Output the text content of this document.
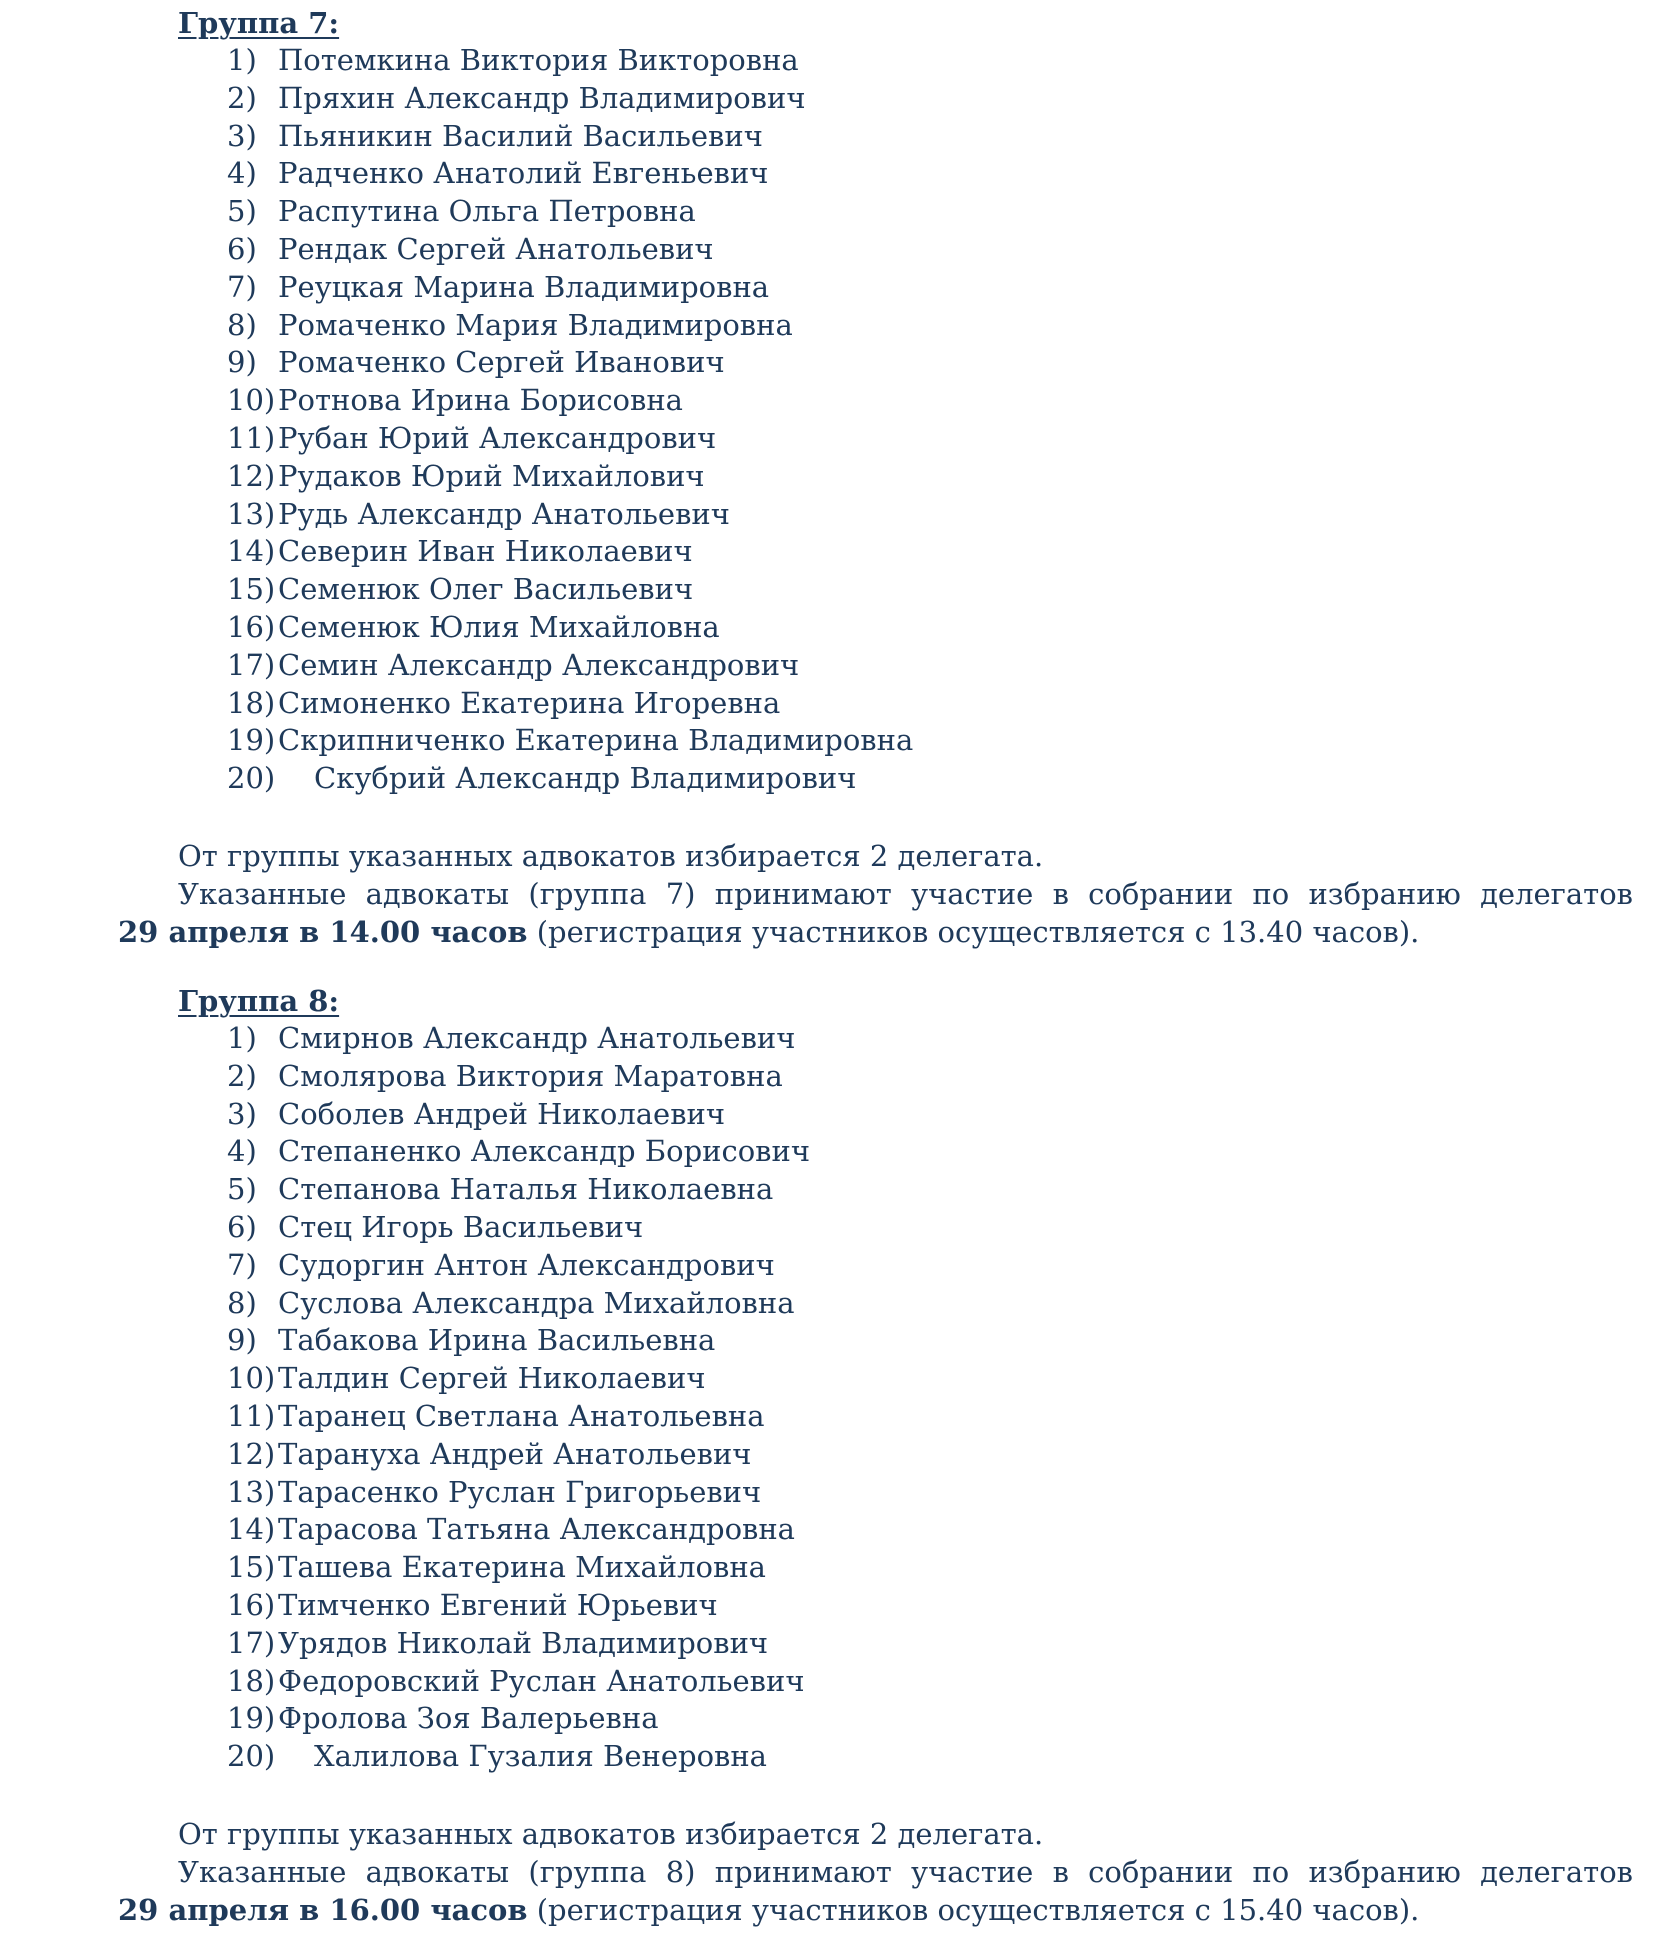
Группа 7:
1) Потемкина Виктория Викторовна
2) Пряхин Александр Владимирович
3) Пьяникин Василий Васильевич
4) Радченко Анатолий Евгеньевич
5) Распутина Ольга Петровна
6) Рендак Сергей Анатольевич
7) Реуцкая Марина Владимировна
8) Ромаченко Мария Владимировна
9) Ромаченко Сергей Иванович
10) Ротнова Ирина Борисовна
11) Рубан Юрий Александрович
12) Рудаков Юрий Михайлович
13) Рудь Александр Анатольевич
14) Северин Иван Николаевич
15) Семенюк Олег Васильевич
16) Семенюк Юлия Михайловна
17) Семин Александр Александрович
18) Симоненко Екатерина Игоревна
19) Скрипниченко Екатерина Владимировна
20) Скубрий Александр Владимирович
От группы указанных адвокатов избирается 2 делегата.
Указанные адвокаты (группа 7) принимают участие в собрании по избранию делегатов
29 апреля в 14.00 часов (регистрация участников осуществляется с 13.40 часов).
Группа 8:
1) Смирнов Александр Анатольевич
2) Смолярова Виктория Маратовна
3) Соболев Андрей Николаевич
4) Степаненко Александр Борисович
5) Степанова Наталья Николаевна
6) Стец Игорь Васильевич
7) Судоргин Антон Александрович
8) Суслова Александра Михайловна
9) Табакова Ирина Васильевна
10) Талдин Сергей Николаевич
11) Таранец Светлана Анатольевна
12) Тарануха Андрей Анатольевич
13) Тарасенко Руслан Григорьевич
14) Тарасова Татьяна Александровна
15) Ташева Екатерина Михайловна
16) Тимченко Евгений Юрьевич
17) Урядов Николай Владимирович
18) Федоровский Руслан Анатольевич
19) Фролова Зоя Валерьевна
20) Халилова Гузалия Венеровна
От группы указанных адвокатов избирается 2 делегата.
Указанные адвокаты (группа 8) принимают участие в собрании по избранию делегатов
29 апреля в 16.00 часов (регистрация участников осуществляется с 15.40 часов).
